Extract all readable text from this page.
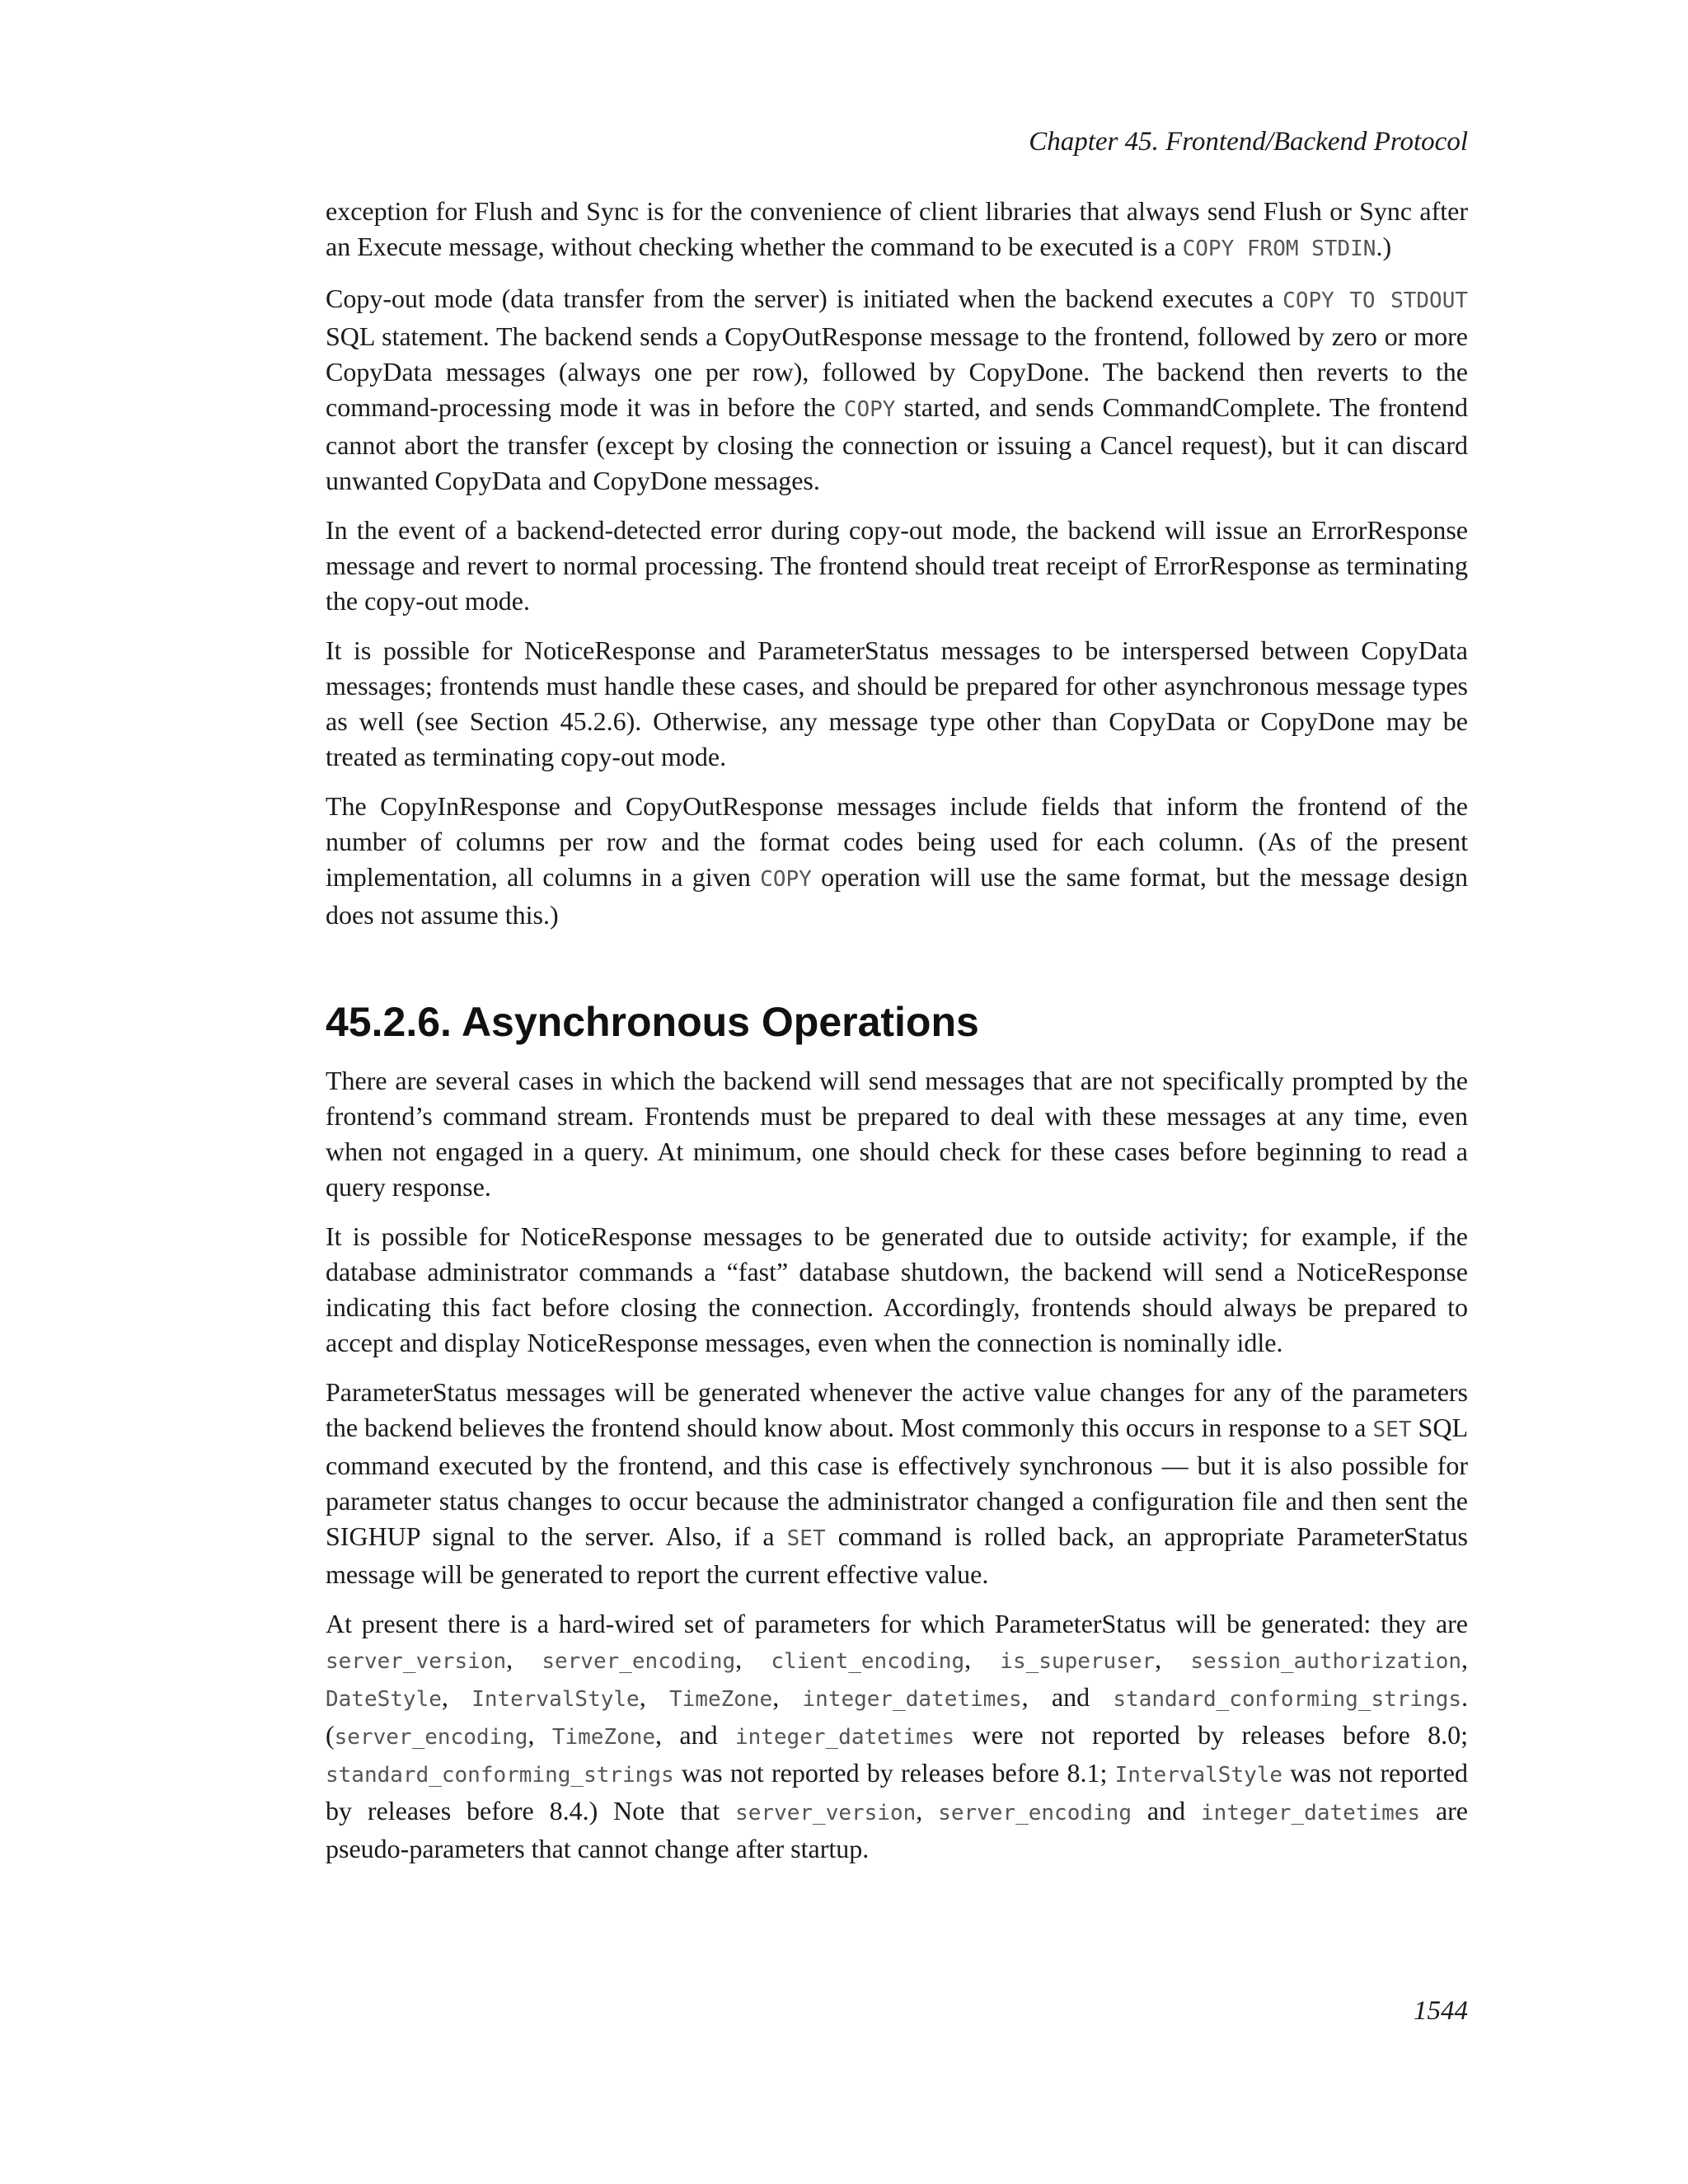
Chapter 45. Frontend/Backend Protocol

exception for Flush and Sync is for the convenience of client libraries that always send Flush or Sync after an Execute message, without checking whether the command to be executed is a COPY FROM STDIN.)

Copy-out mode (data transfer from the server) is initiated when the backend executes a COPY TO STDOUT SQL statement. The backend sends a CopyOutResponse message to the frontend, followed by zero or more CopyData messages (always one per row), followed by CopyDone. The backend then reverts to the command-processing mode it was in before the COPY started, and sends CommandComplete. The frontend cannot abort the transfer (except by closing the connection or issuing a Cancel request), but it can discard unwanted CopyData and CopyDone messages.

In the event of a backend-detected error during copy-out mode, the backend will issue an ErrorResponse message and revert to normal processing. The frontend should treat receipt of ErrorResponse as terminating the copy-out mode.

It is possible for NoticeResponse and ParameterStatus messages to be interspersed between CopyData messages; frontends must handle these cases, and should be prepared for other asynchronous message types as well (see Section 45.2.6). Otherwise, any message type other than CopyData or CopyDone may be treated as terminating copy-out mode.

The CopyInResponse and CopyOutResponse messages include fields that inform the frontend of the number of columns per row and the format codes being used for each column. (As of the present implementation, all columns in a given COPY operation will use the same format, but the message design does not assume this.)

45.2.6. Asynchronous Operations

There are several cases in which the backend will send messages that are not specifically prompted by the frontend’s command stream. Frontends must be prepared to deal with these messages at any time, even when not engaged in a query. At minimum, one should check for these cases before beginning to read a query response.

It is possible for NoticeResponse messages to be generated due to outside activity; for example, if the database administrator commands a “fast” database shutdown, the backend will send a NoticeResponse indicating this fact before closing the connection. Accordingly, frontends should always be prepared to accept and display NoticeResponse messages, even when the connection is nominally idle.

ParameterStatus messages will be generated whenever the active value changes for any of the parameters the backend believes the frontend should know about. Most commonly this occurs in response to a SET SQL command executed by the frontend, and this case is effectively synchronous — but it is also possible for parameter status changes to occur because the administrator changed a configuration file and then sent the SIGHUP signal to the server. Also, if a SET command is rolled back, an appropriate ParameterStatus message will be generated to report the current effective value.

At present there is a hard-wired set of parameters for which ParameterStatus will be generated: they are server_version, server_encoding, client_encoding, is_superuser, session_authorization, DateStyle, IntervalStyle, TimeZone, integer_datetimes, and standard_conforming_strings. (server_encoding, TimeZone, and integer_datetimes were not reported by releases before 8.0; standard_conforming_strings was not reported by releases before 8.1; IntervalStyle was not reported by releases before 8.4.) Note that server_version, server_encoding and integer_datetimes are pseudo-parameters that cannot change after startup.

1544
